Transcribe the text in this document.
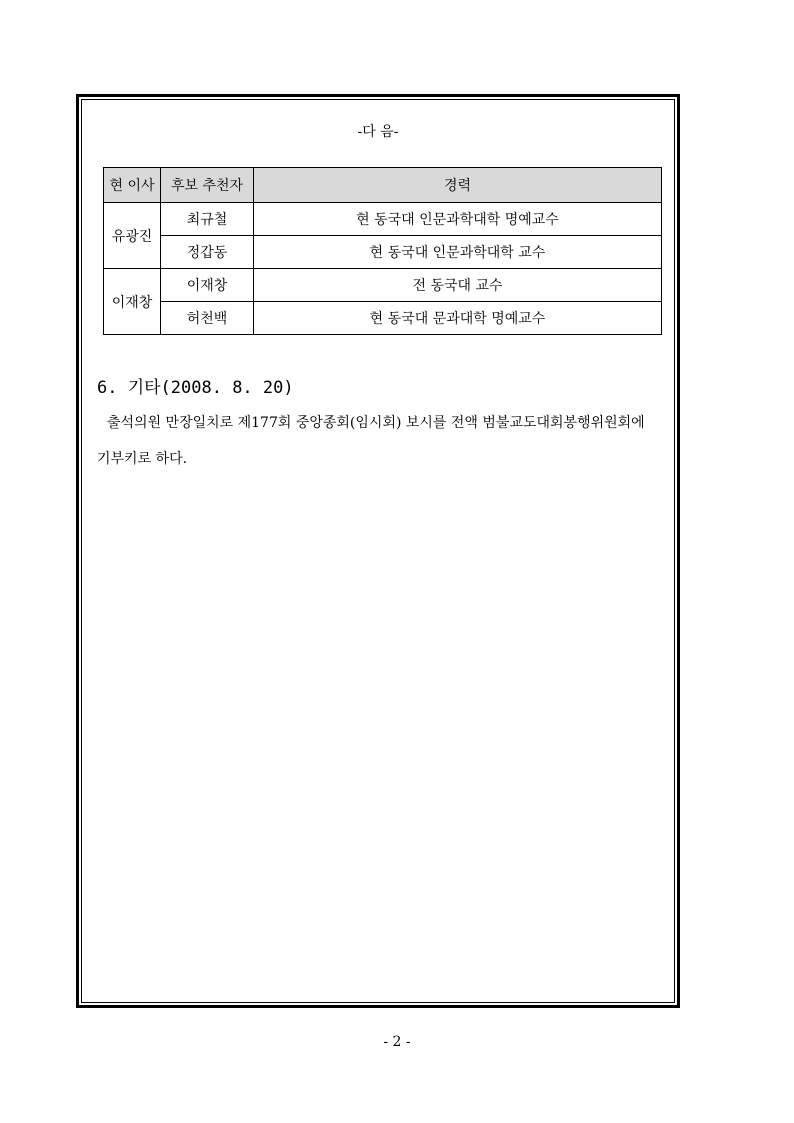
-다 음-
현 이사	후보 추천자	경력
유광진	최규철	현 동국대 인문과학대학 명예교수
	정갑동	현 동국대 인문과학대학 교수
이재창	이재창	전 동국대 교수
	허천백	현 동국대 문과대학 명예교수
6. 기타(2008. 8. 20)
출석의원 만장일치로 제177회 중앙종회(임시회) 보시를 전액 범불교도대회봉행위원회에 기부키로 하다.
- 2 -
